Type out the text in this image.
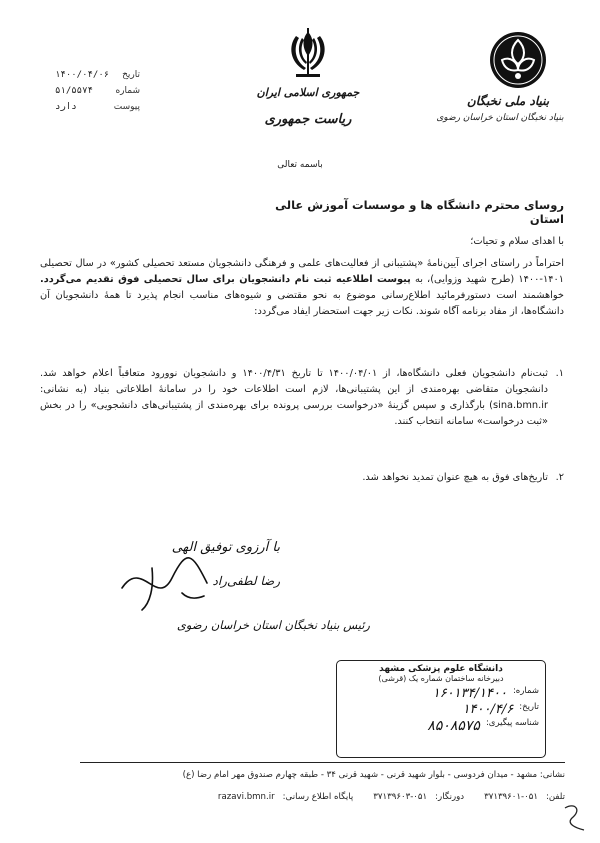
جمهوری اسلامی ایران
ریاست جمهوری
بنیاد ملی نخبگان
بنیاد نخبگان استان خراسان رضوی
تاریخ
۱۴۰۰/۰۴/۰۶
شماره
۵۱/۵۵۷۴
پیوست
دارد
باسمه تعالی
روسای محترم دانشگاه ها و موسسات آموزش عالی استان
با اهدای سلام و تحیات؛
احتراماً در راستای اجرای آیین‌نامۀ «پشتیبانی از فعالیت‌های علمی و فرهنگی دانشجویان مستعد تحصیلی کشور» در سال تحصیلی ۱۴۰۱-۱۴۰۰ (طرح شهید وزوایی)، به پیوست اطلاعیه ثبت نام دانشجویان برای سال تحصیلی فوق تقدیم می‌گردد. خواهشمند است دستورفرمائید اطلاع‌رسانی موضوع به نحو مقتضی و شیوه‌های مناسب انجام پذیرد تا همۀ دانشجویان آن دانشگاه‌ها، از مفاد برنامه آگاه شوند. نکات زیر جهت استحضار ایفاد می‌گردد:
۱.
ثبت‌نام دانشجویان فعلی دانشگاه‌ها، از ۱۴۰۰/۰۴/۰۱ تا تاریخ ۱۴۰۰/۴/۳۱ و دانشجویان نوورود متعاقباً اعلام خواهد شد. دانشجویان متقاضی بهره‌مندی از این پشتیبانی‌ها، لازم است اطلاعات خود را در سامانۀ اطلاعاتی بنیاد (به نشانی: sina.bmn.ir) بارگذاری و سپس گزینۀ «درخواست بررسی پرونده برای بهره‌مندی از پشتیبانی‌های دانشجویی» را در بخش «ثبت درخواست» سامانه انتخاب کنند.
۲.
تاریخ‌های فوق به هیچ عنوان تمدید نخواهد شد.
با آرزوی توفیق الهی
رضا لطفی‌راد
رئیس بنیاد نخبگان استان خراسان رضوی
دانشگاه علوم پزشکی مشهد
دبیرخانه ساختمان شماره یک (قرشی)
شماره:
۱۶۰۱۳۴/۱۴۰۰
تاریخ:
۱۴۰۰/۴/۶
شناسه پیگیری:
۸۵۰۸۵۷۵
نشانی: مشهد - میدان فردوسی - بلوار شهید قرنی - شهید قرنی ۳۴ - طبقه چهارم صندوق مهر امام رضا (ع)
تلفن:
۳۷۱۳۹۶۰۱-۰۵۱
دورنگار:
۳۷۱۳۹۶۰۳-۰۵۱
پایگاه اطلاع رسانی:
razavi.bmn.ir
